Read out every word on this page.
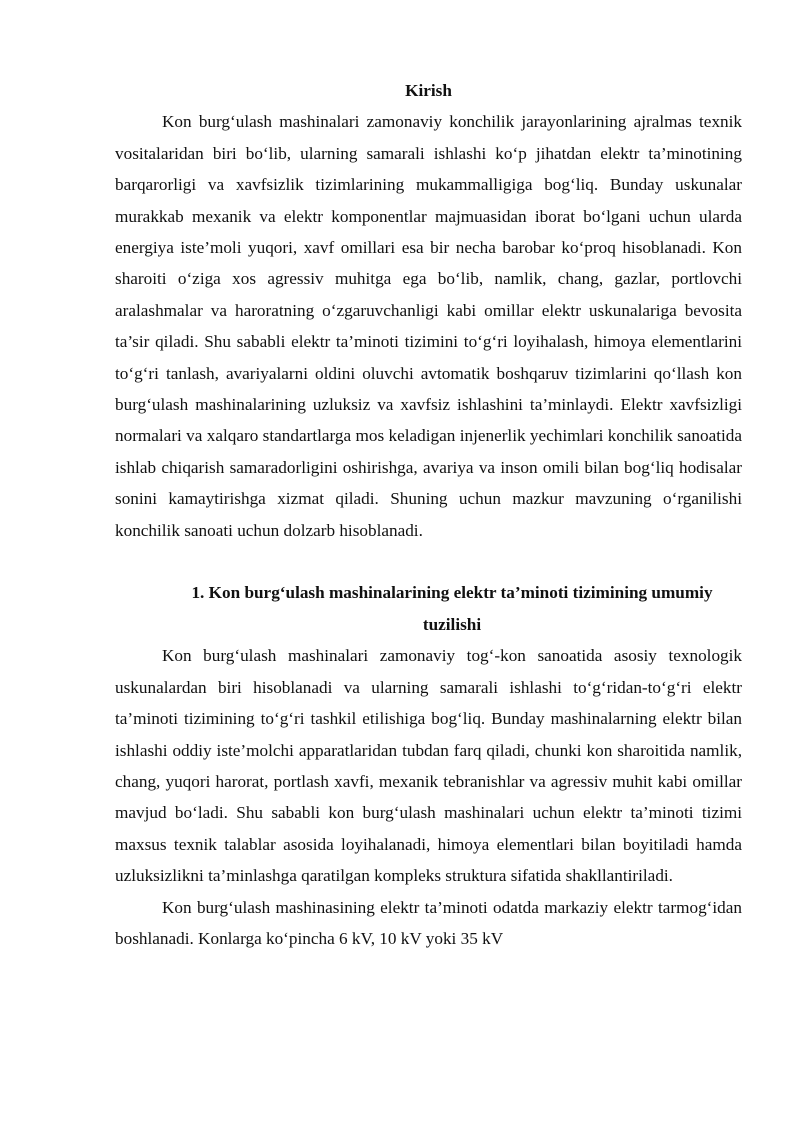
Kirish

Kon burg‘ulash mashinalari zamonaviy konchilik jarayonlarining ajralmas texnik vositalaridan biri bo‘lib, ularning samarali ishlashi ko‘p jihatdan elektr ta’minotining barqarorligi va xavfsizlik tizimlarining mukammalligiga bog‘liq. Bunday uskunalar murakkab mexanik va elektr komponentlar majmuasidan iborat bo‘lgani uchun ularda energiya iste’moli yuqori, xavf omillari esa bir necha barobar ko‘proq hisoblanadi. Kon sharoiti o‘ziga xos agressiv muhitga ega bo‘lib, namlik, chang, gazlar, portlovchi aralashmalar va haroratning o‘zgaruvchanligi kabi omillar elektr uskunalariga bevosita ta’sir qiladi. Shu sababli elektr ta’minoti tizimini to‘g‘ri loyihalash, himoya elementlarini to‘g‘ri tanlash, avariyalarni oldini oluvchi avtomatik boshqaruv tizimlarini qo‘llash kon burg‘ulash mashinalarining uzluksiz va xavfsiz ishlashini ta’minlaydi. Elektr xavfsizligi normalari va xalqaro standartlarga mos keladigan injenerlik yechimlari konchilik sanoatida ishlab chiqarish samaradorligini oshirishga, avariya va inson omili bilan bog‘liq hodisalar sonini kamaytirishga xizmat qiladi. Shuning uchun mazkur mavzuning o‘rganilishi konchilik sanoati uchun dolzarb hisoblanadi.

1. Kon burg‘ulash mashinalarining elektr ta’minoti tizimining umumiy tuzilishi

Kon burg‘ulash mashinalari zamonaviy tog‘-kon sanoatida asosiy texnologik uskunalardan biri hisoblanadi va ularning samarali ishlashi to‘g‘ridan-to‘g‘ri elektr ta’minoti tizimining to‘g‘ri tashkil etilishiga bog‘liq. Bunday mashinalarning elektr bilan ishlashi oddiy iste’molchi apparatlaridan tubdan farq qiladi, chunki kon sharoitida namlik, chang, yuqori harorat, portlash xavfi, mexanik tebranishlar va agressiv muhit kabi omillar mavjud bo‘ladi. Shu sababli kon burg‘ulash mashinalari uchun elektr ta’minoti tizimi maxsus texnik talablar asosida loyihalanadi, himoya elementlari bilan boyitiladi hamda uzluksizlikni ta’minlashga qaratilgan kompleks struktura sifatida shakllantiriladi.

Kon burg‘ulash mashinasining elektr ta’minoti odatda markaziy elektr tarmog‘idan boshlanadi. Konlarga ko‘pincha 6 kV, 10 kV yoki 35 kV
